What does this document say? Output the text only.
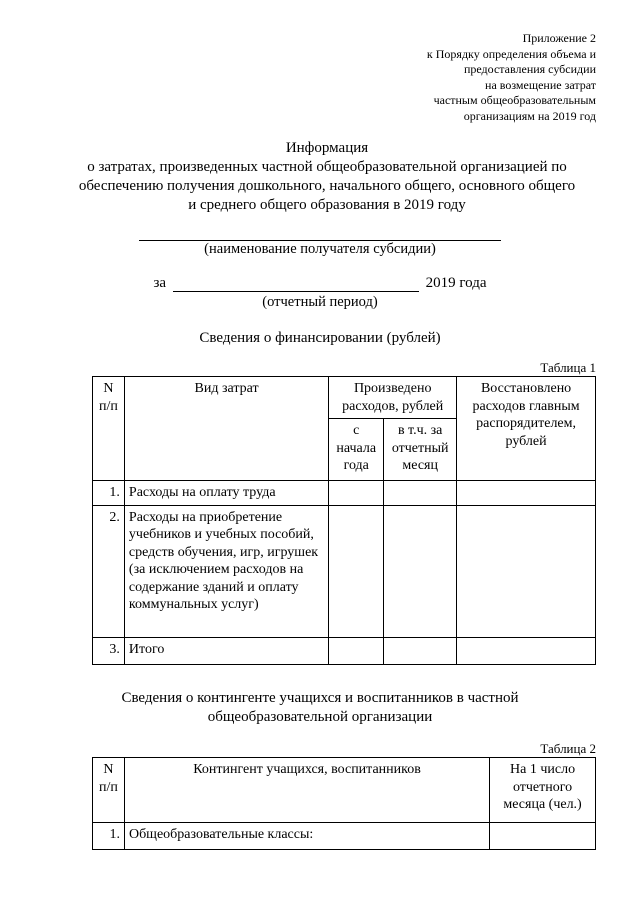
Приложение 2
к Порядку определения объема и
предоставления субсидии
на возмещение затрат
частным общеобразовательным
организациям на 2019 год
Информация
о затратах, произведенных частной общеобразовательной организацией по
обеспечению получения дошкольного, начального общего, основного общего
и среднего общего образования в 2019 году
(наименование получателя субсидии)
за	2019 года
(отчетный период)
Сведения о финансировании (рублей)
Таблица 1
N п/п	Вид затрат	Произведено расходов, рублей		Восстановлено расходов главным распорядителем, рублей
		с начала года	в т.ч. за отчетный месяц	
1.	Расходы на оплату труда			
2.	Расходы на приобретение учебников и учебных пособий, средств обучения, игр, игрушек (за исключением расходов на содержание зданий и оплату коммунальных услуг)			
3.	Итого			
Сведения о контингенте учащихся и воспитанников в частной
общеобразовательной организации
Таблица 2
N п/п	Контингент учащихся, воспитанников	На 1 число отчетного месяца (чел.)
1.	Общеобразовательные классы:	
